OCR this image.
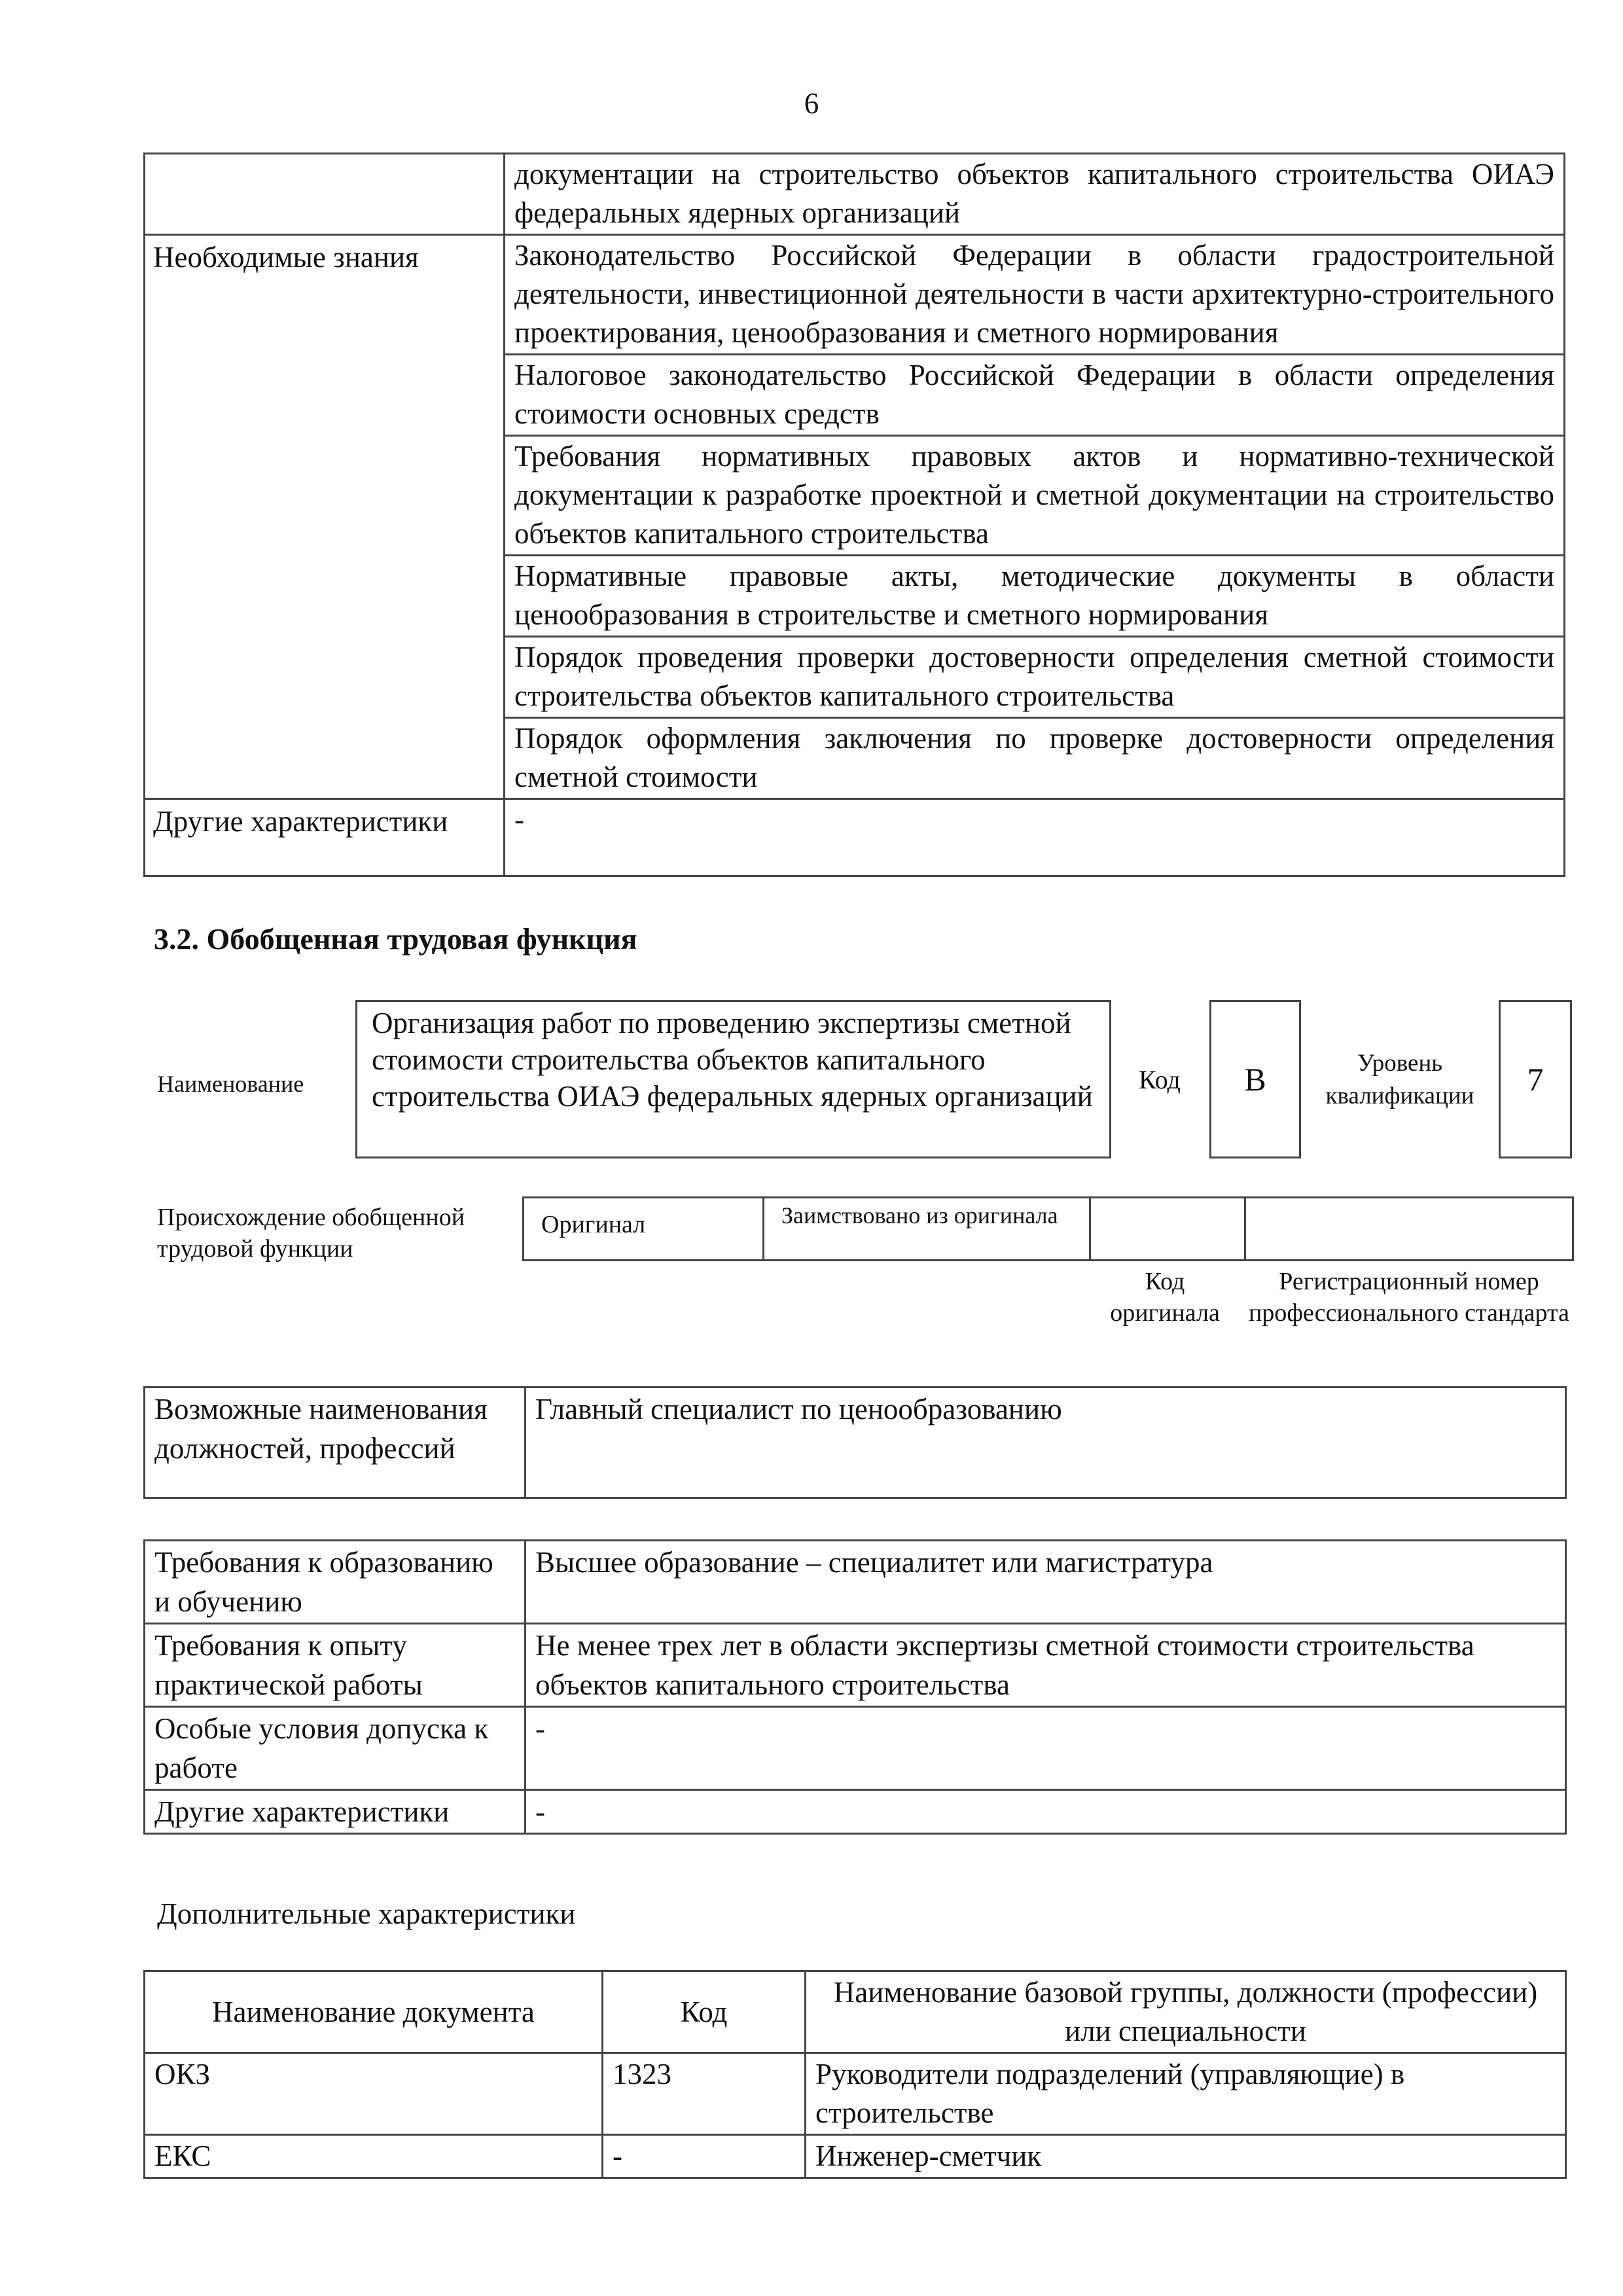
6
	документации на строительство объектов капитального строительства ОИАЭ федеральных ядерных организаций
Необходимые знания	Законодательство Российской Федерации в области градостроительной деятельности, инвестиционной деятельности в части архитектурно-строительного проектирования, ценообразования и сметного нормирования
	Налоговое законодательство Российской Федерации в области определения стоимости основных средств
	Требования нормативных правовых актов и нормативно-технической документации к разработке проектной и сметной документации на строительство объектов капитального строительства
	Нормативные правовые акты, методические документы в области ценообразования в строительстве и сметного нормирования
	Порядок проведения проверки достоверности определения сметной стоимости строительства объектов капитального строительства
	Порядок оформления заключения по проверке достоверности определения сметной стоимости
Другие характеристики	-
3.2. Обобщенная трудовая функция
Наименование
Организация работ по проведению экспертизы сметной стоимости строительства объектов капитального строительства ОИАЭ федеральных ядерных организаций
Код B	Уровень квалификации	7
Происхождение обобщенной трудовой функции
Оригинал	Заимствовано из оригинала		
Код оригинала
Регистрационный номер профессионального стандарта
Возможные наименования должностей, профессий	Главный специалист по ценообразованию
Требования к образованию и обучению	Высшее образование – специалитет или магистратура
Требования к опыту практической работы	Не менее трех лет в области экспертизы сметной стоимости строительства объектов капитального строительства
Особые условия допуска к работе	-
Другие характеристики	-
Дополнительные характеристики
Наименование документа	Код	Наименование базовой группы, должности (профессии) или специальности
ОКЗ	1323	Руководители подразделений (управляющие) в строительстве
ЕКС	-	Инженер-сметчик
